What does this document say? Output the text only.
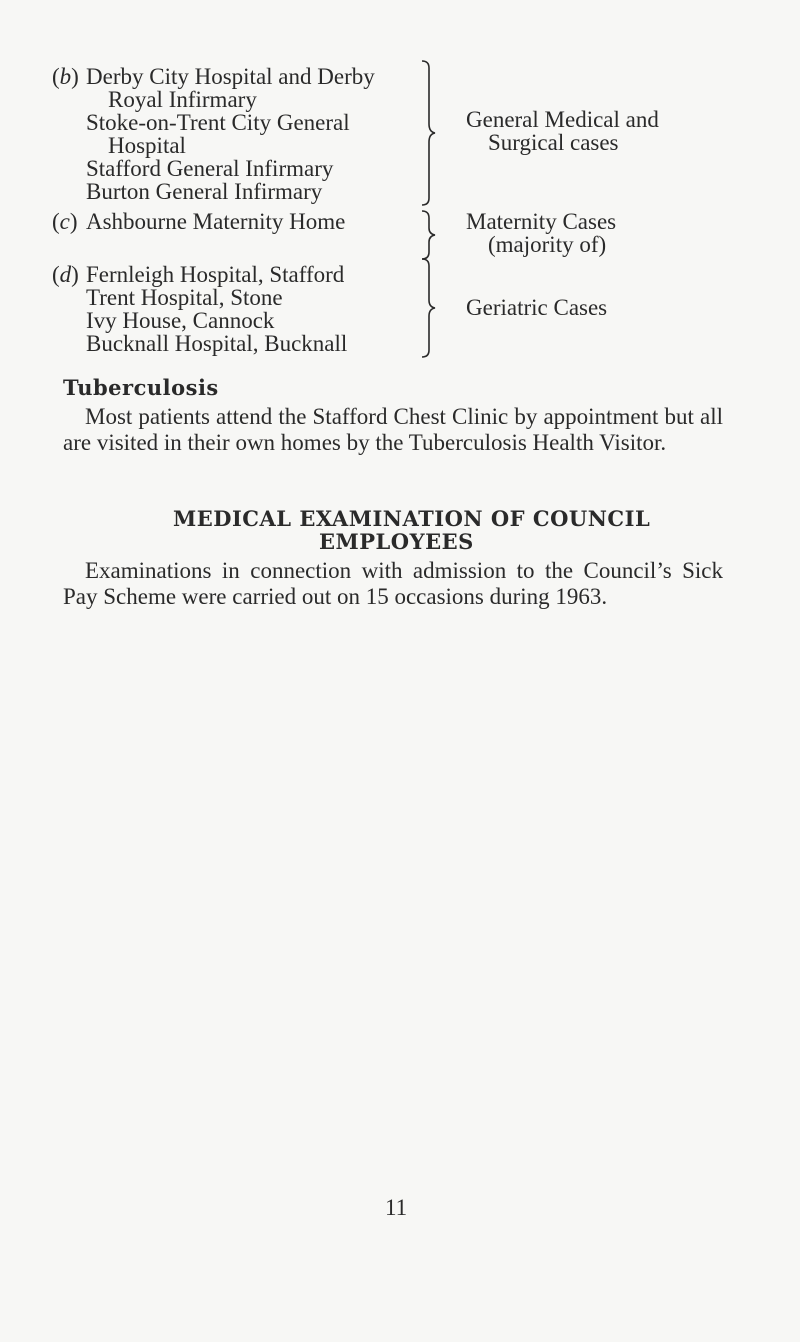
(b) Derby City Hospital and Derby
Royal Infirmary
Stoke-on-Trent City General
Hospital
Stafford General Infirmary
Burton General Infirmary
General Medical and
Surgical cases
(c) Ashbourne Maternity Home	Maternity Cases
(majority of)
(d) Fernleigh Hospital, Stafford
Trent Hospital, Stone
Ivy House, Cannock
Bucknall Hospital, Bucknall
Geriatric Cases
Tuberculosis
Most patients attend the Stafford Chest Clinic by appointment but all are visited in their own homes by the Tuberculosis Health Visitor.
MEDICAL EXAMINATION OF COUNCIL
EMPLOYEES
Examinations in connection with admission to the Council’s Sick Pay Scheme were carried out on 15 occasions during 1963.
11
